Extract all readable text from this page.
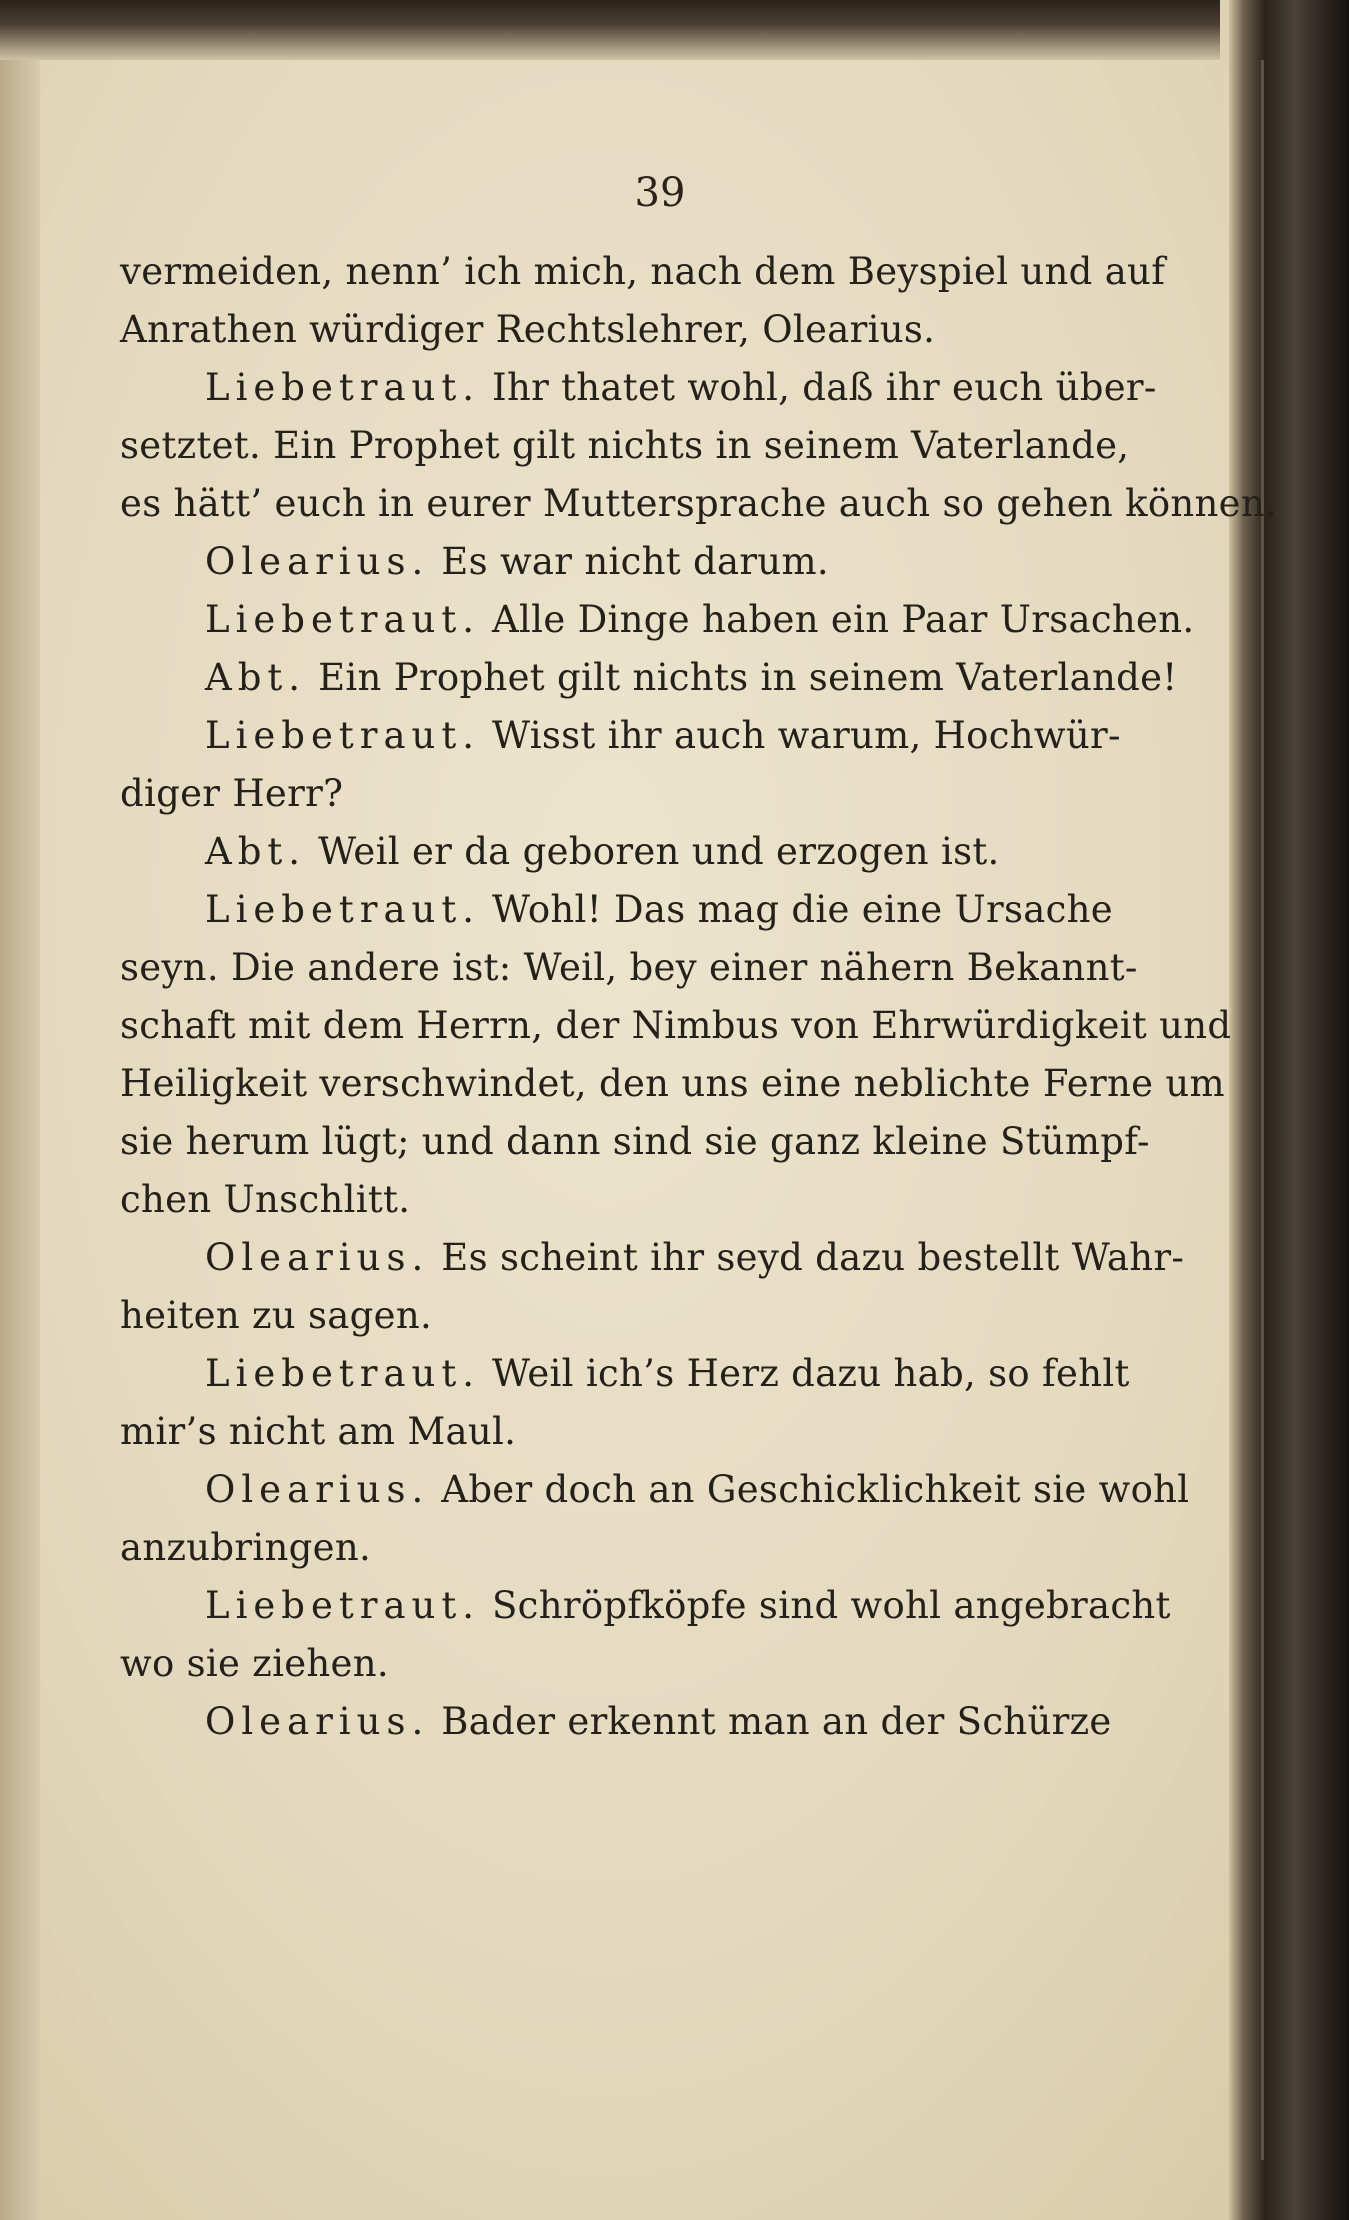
39
vermeiden, nenn’ ich mich, nach dem Beyspiel und auf
Anrathen würdiger Rechtslehrer, Olearius.
Liebetraut. Ihr thatet wohl, daß ihr euch über-
setztet. Ein Prophet gilt nichts in seinem Vaterlande,
es hätt’ euch in eurer Muttersprache auch so gehen können.
Olearius. Es war nicht darum.
Liebetraut. Alle Dinge haben ein Paar Ursachen.
Abt. Ein Prophet gilt nichts in seinem Vaterlande!
Liebetraut. Wisst ihr auch warum, Hochwür-
diger Herr?
Abt. Weil er da geboren und erzogen ist.
Liebetraut. Wohl! Das mag die eine Ursache
seyn. Die andere ist: Weil, bey einer nähern Bekannt-
schaft mit dem Herrn, der Nimbus von Ehrwürdigkeit und
Heiligkeit verschwindet, den uns eine neblichte Ferne um
sie herum lügt; und dann sind sie ganz kleine Stümpf-
chen Unschlitt.
Olearius. Es scheint ihr seyd dazu bestellt Wahr-
heiten zu sagen.
Liebetraut. Weil ich’s Herz dazu hab, so fehlt
mir’s nicht am Maul.
Olearius. Aber doch an Geschicklichkeit sie wohl
anzubringen.
Liebetraut. Schröpfköpfe sind wohl angebracht
wo sie ziehen.
Olearius. Bader erkennt man an der Schürze
